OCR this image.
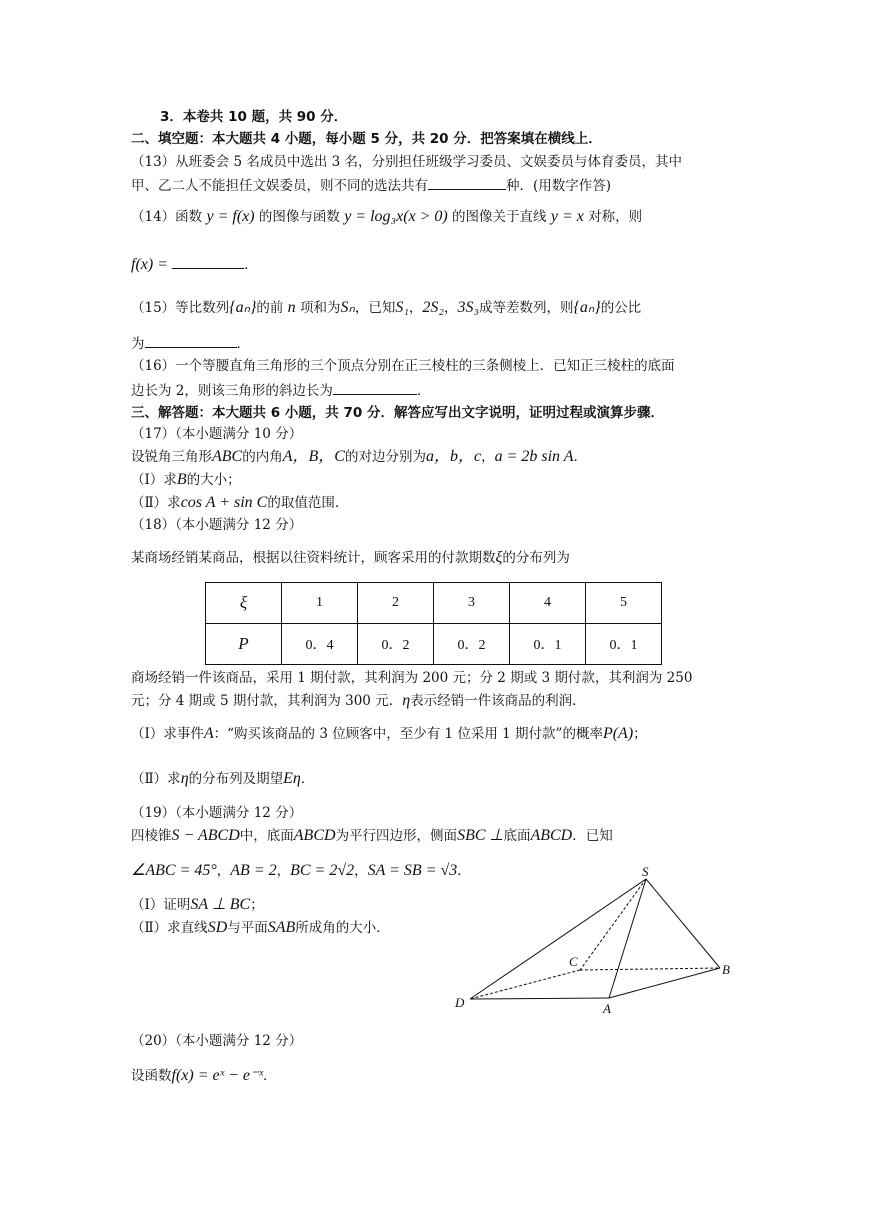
3．本卷共 10 题，共 90 分．
二、填空题：本大题共 4 小题，每小题 5 分，共 20 分．把答案填在横线上．
（13）从班委会 5 名成员中选出 3 名，分别担任班级学习委员、文娱委员与体育委员，其中
甲、乙二人不能担任文娱委员，则不同的选法共有	种．(用数字作答)
（14）函数 y = f(x) 的图像与函数 y = log₃x(x > 0) 的图像关于直线 y = x 对称，则
f(x) =	．
（15）等比数列{aₙ}的前 n 项和为Sₙ，已知S₁，2S₂，3S₃成等差数列，则{aₙ}的公比
为	．
（16）一个等腰直角三角形的三个顶点分别在正三棱柱的三条侧棱上．已知正三棱柱的底面
边长为 2，则该三角形的斜边长为	．
三、解答题：本大题共 6 小题，共 70 分．解答应写出文字说明，证明过程或演算步骤．
（17）（本小题满分 10 分）
设锐角三角形ABC的内角A，B，C的对边分别为a，b，c，a = 2b sin A．
（Ⅰ）求B的大小；
（Ⅱ）求cos A + sin C的取值范围.
（18）（本小题满分 12 分）
某商场经销某商品，根据以往资料统计，顾客采用的付款期数ξ的分布列为
ξ	1	2	3	4	5
P	0．4	0．2	0．2	0．1	0．1
商场经销一件该商品，采用 1 期付款，其利润为 200 元；分 2 期或 3 期付款，其利润为 250
元；分 4 期或 5 期付款，其利润为 300 元．η表示经销一件该商品的利润．
（Ⅰ）求事件A：“购买该商品的 3 位顾客中，至少有 1 位采用 1 期付款”的概率P(A)；
（Ⅱ）求η的分布列及期望Eη．
（19）（本小题满分 12 分）
四棱锥S − ABCD中，底面ABCD为平行四边形，侧面SBC ⊥底面ABCD．已知
∠ABC = 45°，AB = 2，BC = 2√2，SA = SB = √3．
（Ⅰ）证明SA ⊥ BC；
（Ⅱ）求直线SD与平面SAB所成角的大小．
S
C
B
D	A
（20）（本小题满分 12 分）
设函数f(x) = eˣ − e⁻ˣ．
